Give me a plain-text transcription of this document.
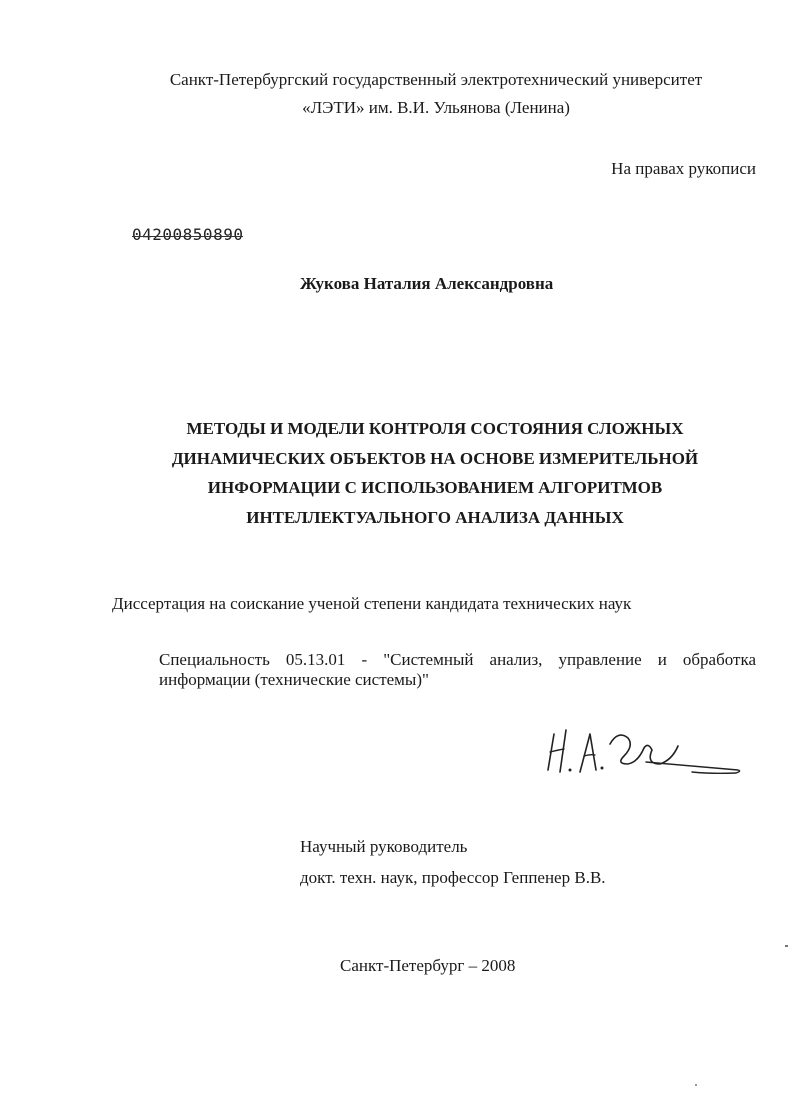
Санкт-Петербургский государственный электротехнический университет
«ЛЭТИ» им. В.И. Ульянова (Ленина)
На правах рукописи
04200850890
Жукова Наталия Александровна
МЕТОДЫ И МОДЕЛИ КОНТРОЛЯ СОСТОЯНИЯ СЛОЖНЫХ
ДИНАМИЧЕСКИХ ОБЪЕКТОВ НА ОСНОВЕ ИЗМЕРИТЕЛЬНОЙ
ИНФОРМАЦИИ С ИСПОЛЬЗОВАНИЕМ АЛГОРИТМОВ
ИНТЕЛЛЕКТУАЛЬНОГО АНАЛИЗА ДАННЫХ
Диссертация на соискание ученой степени кандидата технических наук
Специальность 05.13.01 - "Системный анализ, управление и обработка информации (технические системы)"
Научный руководитель
докт. техн. наук, профессор Геппенер В.В.
Санкт-Петербург – 2008
